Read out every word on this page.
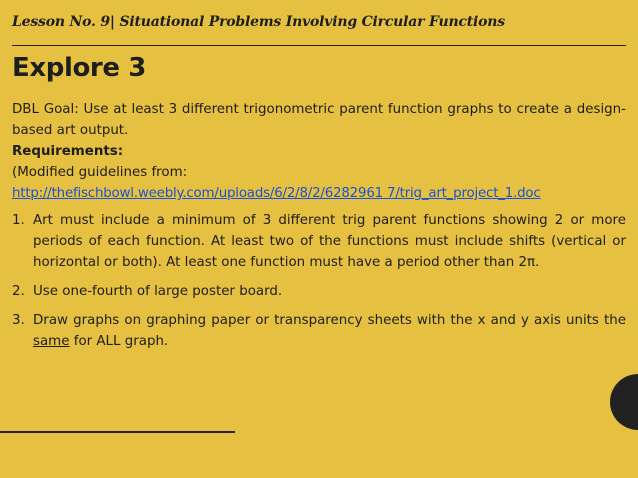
Lesson No. 9| Situational Problems Involving Circular Functions
Explore 3

DBL Goal: Use at least 3 different trigonometric parent function graphs to create a design-based art output.

Requirements:

(Modified guidelines from:

http://thefischbowl.weebly.com/uploads/6/2/8/2/6282961 7/trig_art_project_1.doc

1. Art must include a minimum of 3 different trig parent functions showing 2 or more periods of each function. At least two of the functions must include shifts (vertical or horizontal or both). At least one function must have a period other than 2π.
2. Use one-fourth of large poster board.
3. Draw graphs on graphing paper or transparency sheets with the x and y axis units the same for ALL graph.
